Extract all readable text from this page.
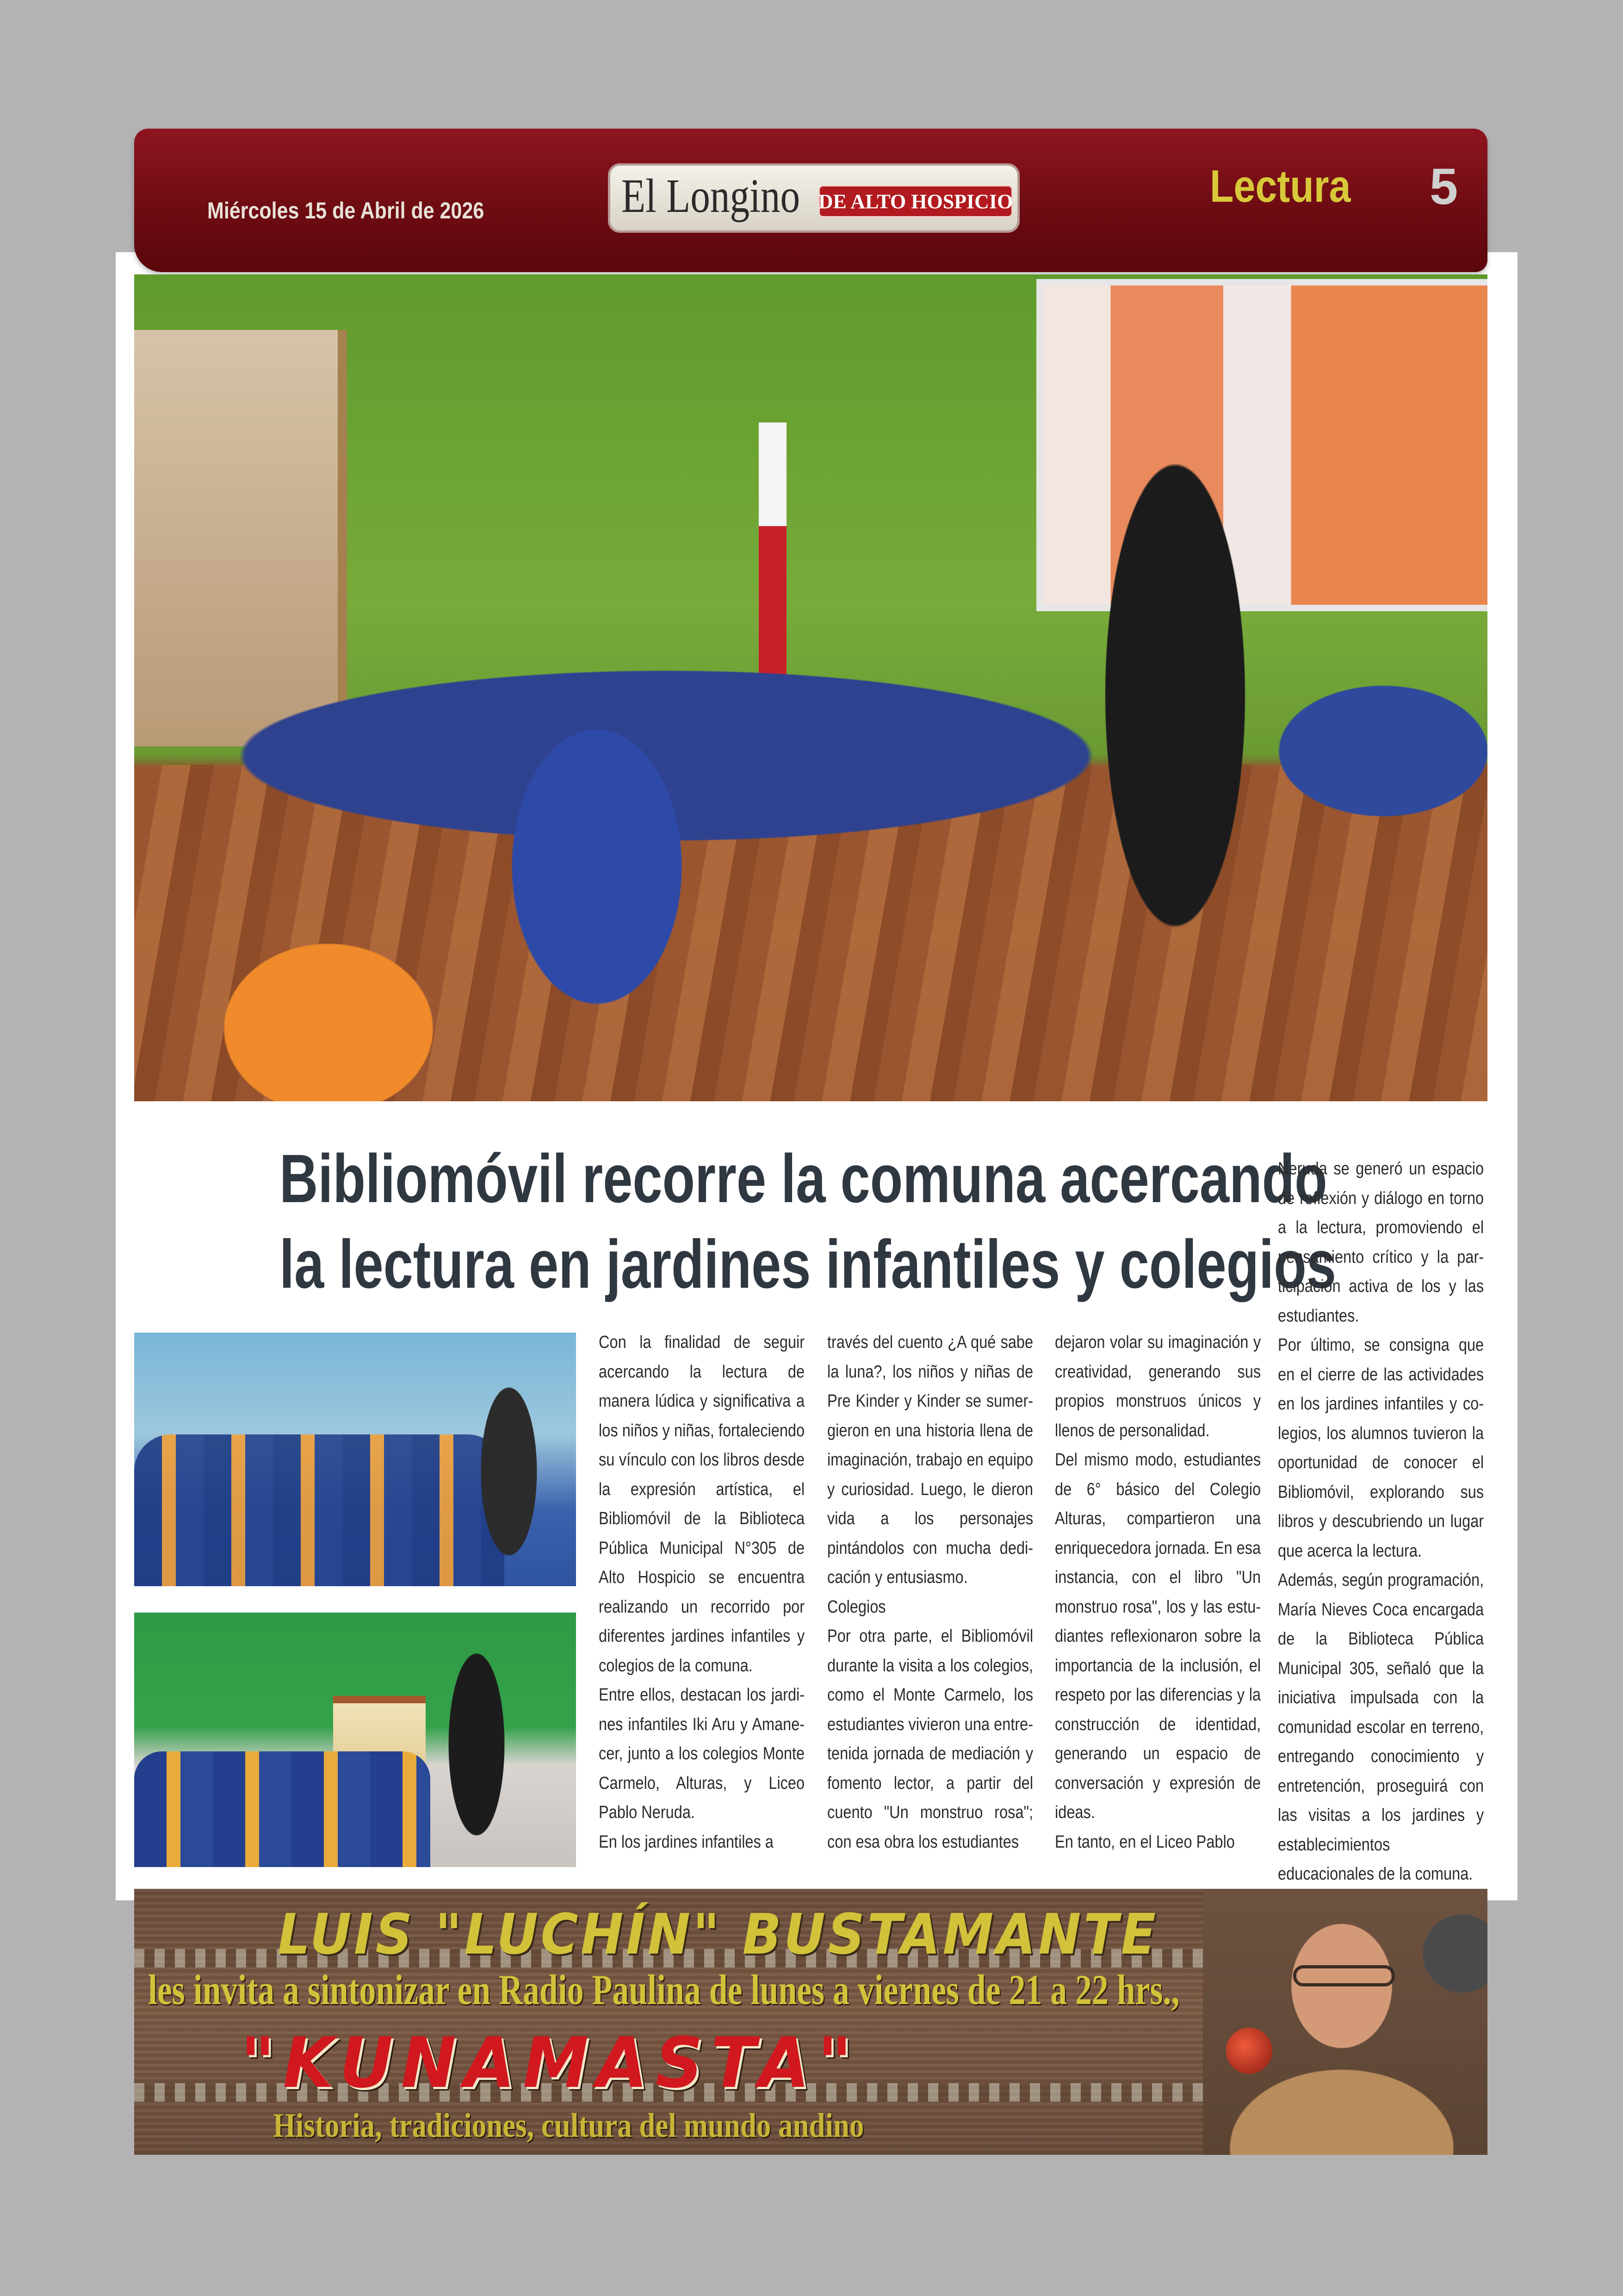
Miércoles 15 de Abril de 2026	El Longino DE ALTO HOSPICIO	Lectura 5
Bibliomóvil recorre la comuna acercando
la lectura en jardines infantiles y colegios

Con la finalidad de seguir acercando la lectura de manera lúdica y significativa a los niños y niñas, fortaleciendo su vínculo con los libros desde la expresión artística, el Bibliomóvil de la Biblioteca Pública Municipal N°305 de Alto Hospicio se encuentra realizando un recorrido por diferentes jardines infantiles y colegios de la comuna.

Entre ellos, destacan los jardines infantiles Iki Aru y Amanecer, junto a los colegios Monte Carmelo, Alturas, y Liceo Pablo Neruda.

En los jardines infantiles a

través del cuento ¿A qué sabe la luna?, los niños y niñas de Pre Kinder y Kinder se sumergieron en una historia llena de imaginación, trabajo en equipo y curiosidad. Luego, le dieron vida a los personajes pintándolos con mucha dedicación y entusiasmo.

Colegios

Por otra parte, el Bibliomóvil durante la visita a los colegios, como el Monte Carmelo, los estudiantes vivieron una entretenida jornada de mediación y fomento lector, a partir del cuento "Un monstruo rosa"; con esa obra los estudiantes

dejaron volar su imaginación y creatividad, generando sus propios monstruos únicos y llenos de personalidad.

Del mismo modo, estudiantes de 6° básico del Colegio Alturas, compartieron una enriquecedora jornada. En esa instancia, con el libro "Un monstruo rosa", los y las estudiantes reflexionaron sobre la importancia de la inclusión, el respeto por las diferencias y la construcción de identidad, generando un espacio de conversación y expresión de ideas.

En tanto, en el Liceo Pablo

Neruda se generó un espacio de reflexión y diálogo en torno a la lectura, promoviendo el pensamiento crítico y la participación activa de los y las estudiantes.

Por último, se consigna que en el cierre de las actividades en los jardines infantiles y colegios, los alumnos tuvieron la oportunidad de conocer el Bibliomóvil, explorando sus libros y descubriendo un lugar que acerca la lectura.

Además, según programación, María Nieves Coca encargada de la Biblioteca Pública Municipal 305, señaló que la iniciativa impulsada con la comunidad escolar en terreno, entregando conocimiento y entretención, proseguirá con las visitas a los jardines y establecimientos educacionales de la comuna.

LUIS "LUCHÍN" BUSTAMANTE
les invita a sintonizar en Radio Paulina de lunes a viernes de 21 a 22 hrs.,
"KUNAMASTA"
Historia, tradiciones, cultura del mundo andino
